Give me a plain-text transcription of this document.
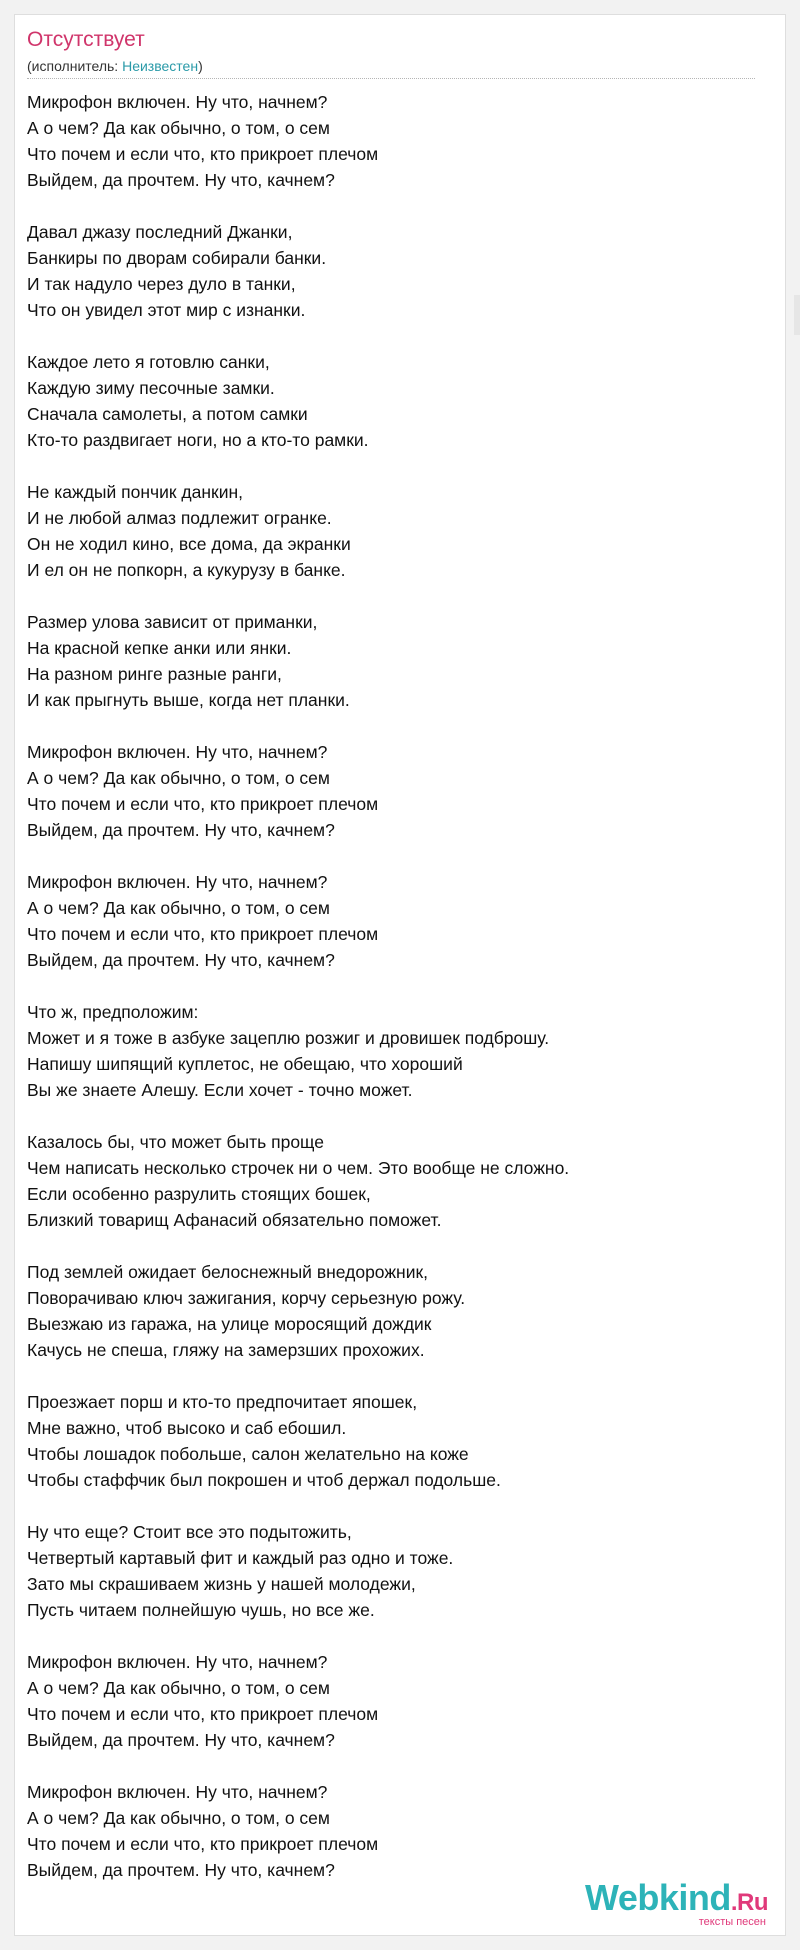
Отсутствует
(исполнитель: Неизвестен)
Микрофон включен. Ну что, начнем?
А о чем? Да как обычно, о том, о сем
Что почем и если что, кто прикроет плечом
Выйдем, да прочтем. Ну что, качнем?
Давал джазу последний Джанки,
Банкиры по дворам собирали банки.
И так надуло через дуло в танки,
Что он увидел этот мир с изнанки.
Каждое лето я готовлю санки,
Каждую зиму песочные замки.
Сначала самолеты, а потом самки
Кто-то раздвигает ноги, но а кто-то рамки.
Не каждый пончик данкин,
И не любой алмаз подлежит огранке.
Он не ходил кино, все дома, да экранки
И ел он не попкорн, а кукурузу в банке.
Размер улова зависит от приманки,
На красной кепке анки или янки.
На разном ринге разные ранги,
И как прыгнуть выше, когда нет планки.
Микрофон включен. Ну что, начнем?
А о чем? Да как обычно, о том, о сем
Что почем и если что, кто прикроет плечом
Выйдем, да прочтем. Ну что, качнем?
Микрофон включен. Ну что, начнем?
А о чем? Да как обычно, о том, о сем
Что почем и если что, кто прикроет плечом
Выйдем, да прочтем. Ну что, качнем?
Что ж, предположим:
Может и я тоже в азбуке зацеплю розжиг и дровишек подброшу.
Напишу шипящий куплетос, не обещаю, что хороший
Вы же знаете Алешу. Если хочет - точно может.
Казалось бы, что может быть проще
Чем написать несколько строчек ни о чем. Это вообще не сложно.
Если особенно разрулить стоящих бошек,
Близкий товарищ Афанасий обязательно поможет.
Под землей ожидает белоснежный внедорожник,
Поворачиваю ключ зажигания, корчу серьезную рожу.
Выезжаю из гаража, на улице моросящий дождик
Качусь не спеша, гляжу на замерзших прохожих.
Проезжает порш и кто-то предпочитает япошек,
Мне важно, чтоб высоко и саб ебошил.
Чтобы лошадок побольше, салон желательно на коже
Чтобы стаффчик был покрошен и чтоб держал подольше.
Ну что еще? Стоит все это подытожить,
Четвертый картавый фит и каждый раз одно и тоже.
Зато мы скрашиваем жизнь у нашей молодежи,
Пусть читаем полнейшую чушь, но все же.
Микрофон включен. Ну что, начнем?
А о чем? Да как обычно, о том, о сем
Что почем и если что, кто прикроет плечом
Выйдем, да прочтем. Ну что, качнем?
Микрофон включен. Ну что, начнем?
А о чем? Да как обычно, о том, о сем
Что почем и если что, кто прикроет плечом
Выйдем, да прочтем. Ну что, качнем?
Webkind.Ru
тексты песен
